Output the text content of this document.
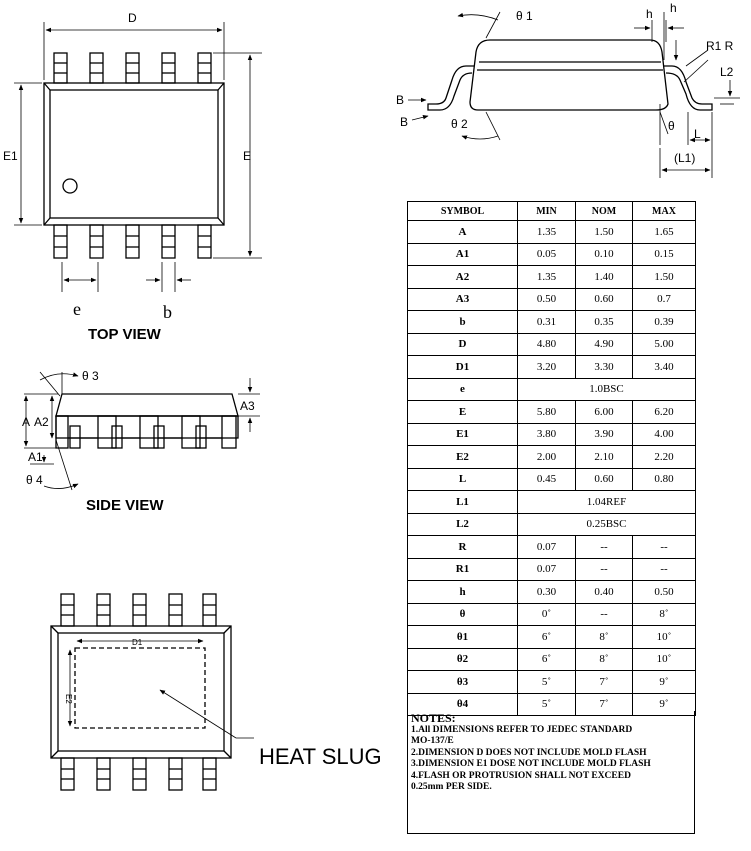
D
E1	E
e	b
TOP VIEW
θ 1	h h
R1 R
B
B	θ 2
L2
θ
L
(L1)
θ 3
A A2
A3
A1
θ 4
SIDE VIEW
D1
E2
HEAT SLUG
SYMBOL	MIN	NOM	MAX
A	1.35	1.50	1.65
A1	0.05	0.10	0.15
A2	1.35	1.40	1.50
A3	0.50	0.60	0.7
b	0.31	0.35	0.39
D	4.80	4.90	5.00
D1	3.20	3.30	3.40
e	1.0BSC		
E	5.80	6.00	6.20
E1	3.80	3.90	4.00
E2	2.00	2.10	2.20
L	0.45	0.60	0.80
L1	1.04REF		
L2	0.25BSC		
R	0.07	--	--
R1	0.07	--	--
h	0.30	0.40	0.50
θ	0˚	--	8˚
θ1	6˚	8˚	10˚
θ2	6˚	8˚	10˚
θ3	5˚	7˚	9˚
θ4	5˚	7˚	9˚
NOTES:
1.All DIMENSIONS REFER TO JEDEC STANDARD
MO-137/E
2.DIMENSION D DOES NOT INCLUDE MOLD FLASH
3.DIMENSION E1 DOSE NOT INCLUDE MOLD FLASH
4.FLASH OR PROTRUSION SHALL NOT EXCEED
0.25mm PER SIDE.
